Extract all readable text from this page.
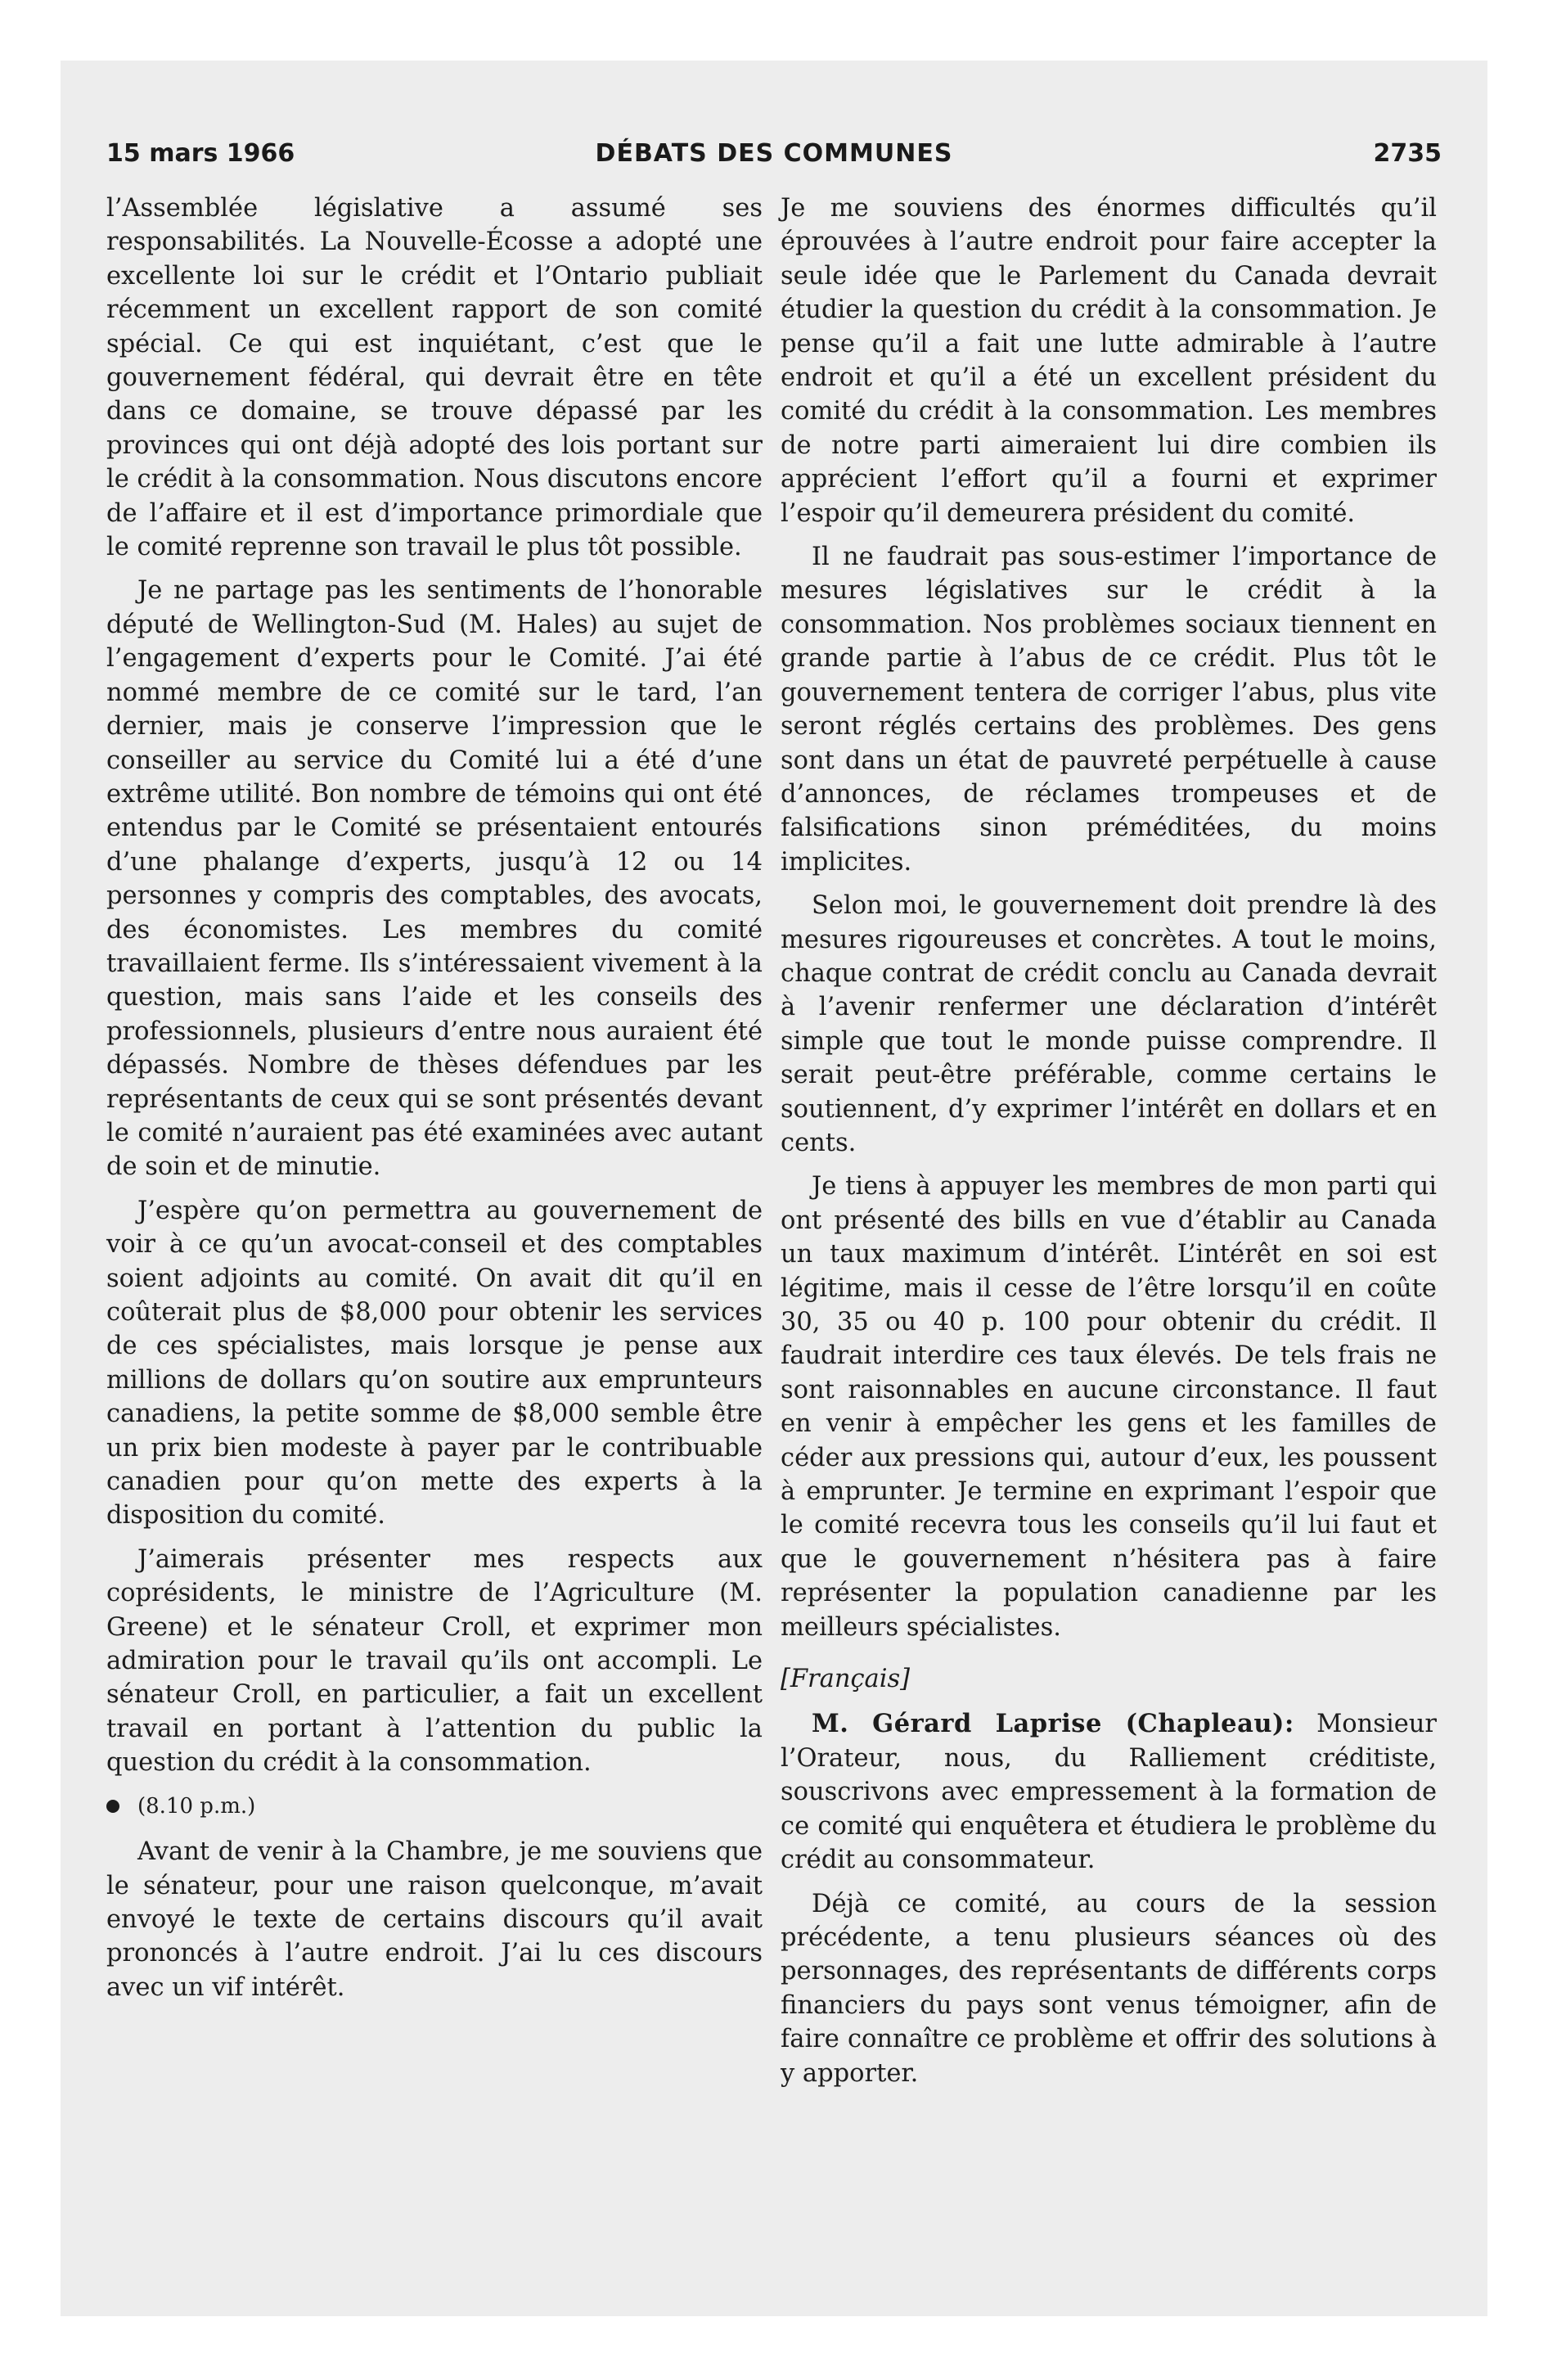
15 mars 1966	DÉBATS DES COMMUNES	2735

l’Assemblée législative a assumé ses responsabilités. La Nouvelle-Écosse a adopté une excellente loi sur le crédit et l’Ontario publiait récemment un excellent rapport de son comité spécial. Ce qui est inquiétant, c’est que le gouvernement fédéral, qui devrait être en tête dans ce domaine, se trouve dépassé par les provinces qui ont déjà adopté des lois portant sur le crédit à la consommation. Nous discutons encore de l’affaire et il est d’importance primordiale que le comité reprenne son travail le plus tôt possible.

Je ne partage pas les sentiments de l’honorable député de Wellington-Sud (M. Hales) au sujet de l’engagement d’experts pour le Comité. J’ai été nommé membre de ce comité sur le tard, l’an dernier, mais je conserve l’impression que le conseiller au service du Comité lui a été d’une extrême utilité. Bon nombre de témoins qui ont été entendus par le Comité se présentaient entourés d’une phalange d’experts, jusqu’à 12 ou 14 personnes y compris des comptables, des avocats, des économistes. Les membres du comité travaillaient ferme. Ils s’intéressaient vivement à la question, mais sans l’aide et les conseils des professionnels, plusieurs d’entre nous auraient été dépassés. Nombre de thèses défendues par les représentants de ceux qui se sont présentés devant le comité n’auraient pas été examinées avec autant de soin et de minutie.

J’espère qu’on permettra au gouvernement de voir à ce qu’un avocat-conseil et des comptables soient adjoints au comité. On avait dit qu’il en coûterait plus de $8,000 pour obtenir les services de ces spécialistes, mais lorsque je pense aux millions de dollars qu’on soutire aux emprunteurs canadiens, la petite somme de $8,000 semble être un prix bien modeste à payer par le contribuable canadien pour qu’on mette des experts à la disposition du comité.

J’aimerais présenter mes respects aux coprésidents, le ministre de l’Agriculture (M. Greene) et le sénateur Croll, et exprimer mon admiration pour le travail qu’ils ont accompli. Le sénateur Croll, en particulier, a fait un excellent travail en portant à l’attention du public la question du crédit à la consommation.

(8.10 p.m.)

Avant de venir à la Chambre, je me souviens que le sénateur, pour une raison quelconque, m’avait envoyé le texte de certains discours qu’il avait prononcés à l’autre endroit. J’ai lu ces discours avec un vif intérêt.

Je me souviens des énormes difficultés qu’il éprouvées à l’autre endroit pour faire accepter la seule idée que le Parlement du Canada devrait étudier la question du crédit à la consommation. Je pense qu’il a fait une lutte admirable à l’autre endroit et qu’il a été un excellent président du comité du crédit à la consommation. Les membres de notre parti aimeraient lui dire combien ils apprécient l’effort qu’il a fourni et exprimer l’espoir qu’il demeurera président du comité.

Il ne faudrait pas sous-estimer l’importance de mesures législatives sur le crédit à la consommation. Nos problèmes sociaux tiennent en grande partie à l’abus de ce crédit. Plus tôt le gouvernement tentera de corriger l’abus, plus vite seront réglés certains des problèmes. Des gens sont dans un état de pauvreté perpétuelle à cause d’annonces, de réclames trompeuses et de falsifications sinon préméditées, du moins implicites.

Selon moi, le gouvernement doit prendre là des mesures rigoureuses et concrètes. A tout le moins, chaque contrat de crédit conclu au Canada devrait à l’avenir renfermer une déclaration d’intérêt simple que tout le monde puisse comprendre. Il serait peut-être préférable, comme certains le soutiennent, d’y exprimer l’intérêt en dollars et en cents.

Je tiens à appuyer les membres de mon parti qui ont présenté des bills en vue d’établir au Canada un taux maximum d’intérêt. L’intérêt en soi est légitime, mais il cesse de l’être lorsqu’il en coûte 30, 35 ou 40 p. 100 pour obtenir du crédit. Il faudrait interdire ces taux élevés. De tels frais ne sont raisonnables en aucune circonstance. Il faut en venir à empêcher les gens et les familles de céder aux pressions qui, autour d’eux, les poussent à emprunter. Je termine en exprimant l’espoir que le comité recevra tous les conseils qu’il lui faut et que le gouvernement n’hésitera pas à faire représenter la population canadienne par les meilleurs spécialistes.

[Français]

M. Gérard Laprise (Chapleau): Monsieur l’Orateur, nous, du Ralliement créditiste, souscrivons avec empressement à la formation de ce comité qui enquêtera et étudiera le problème du crédit au consommateur.

Déjà ce comité, au cours de la session précédente, a tenu plusieurs séances où des personnages, des représentants de différents corps financiers du pays sont venus témoigner, afin de faire connaître ce problème et offrir des solutions à y apporter.
